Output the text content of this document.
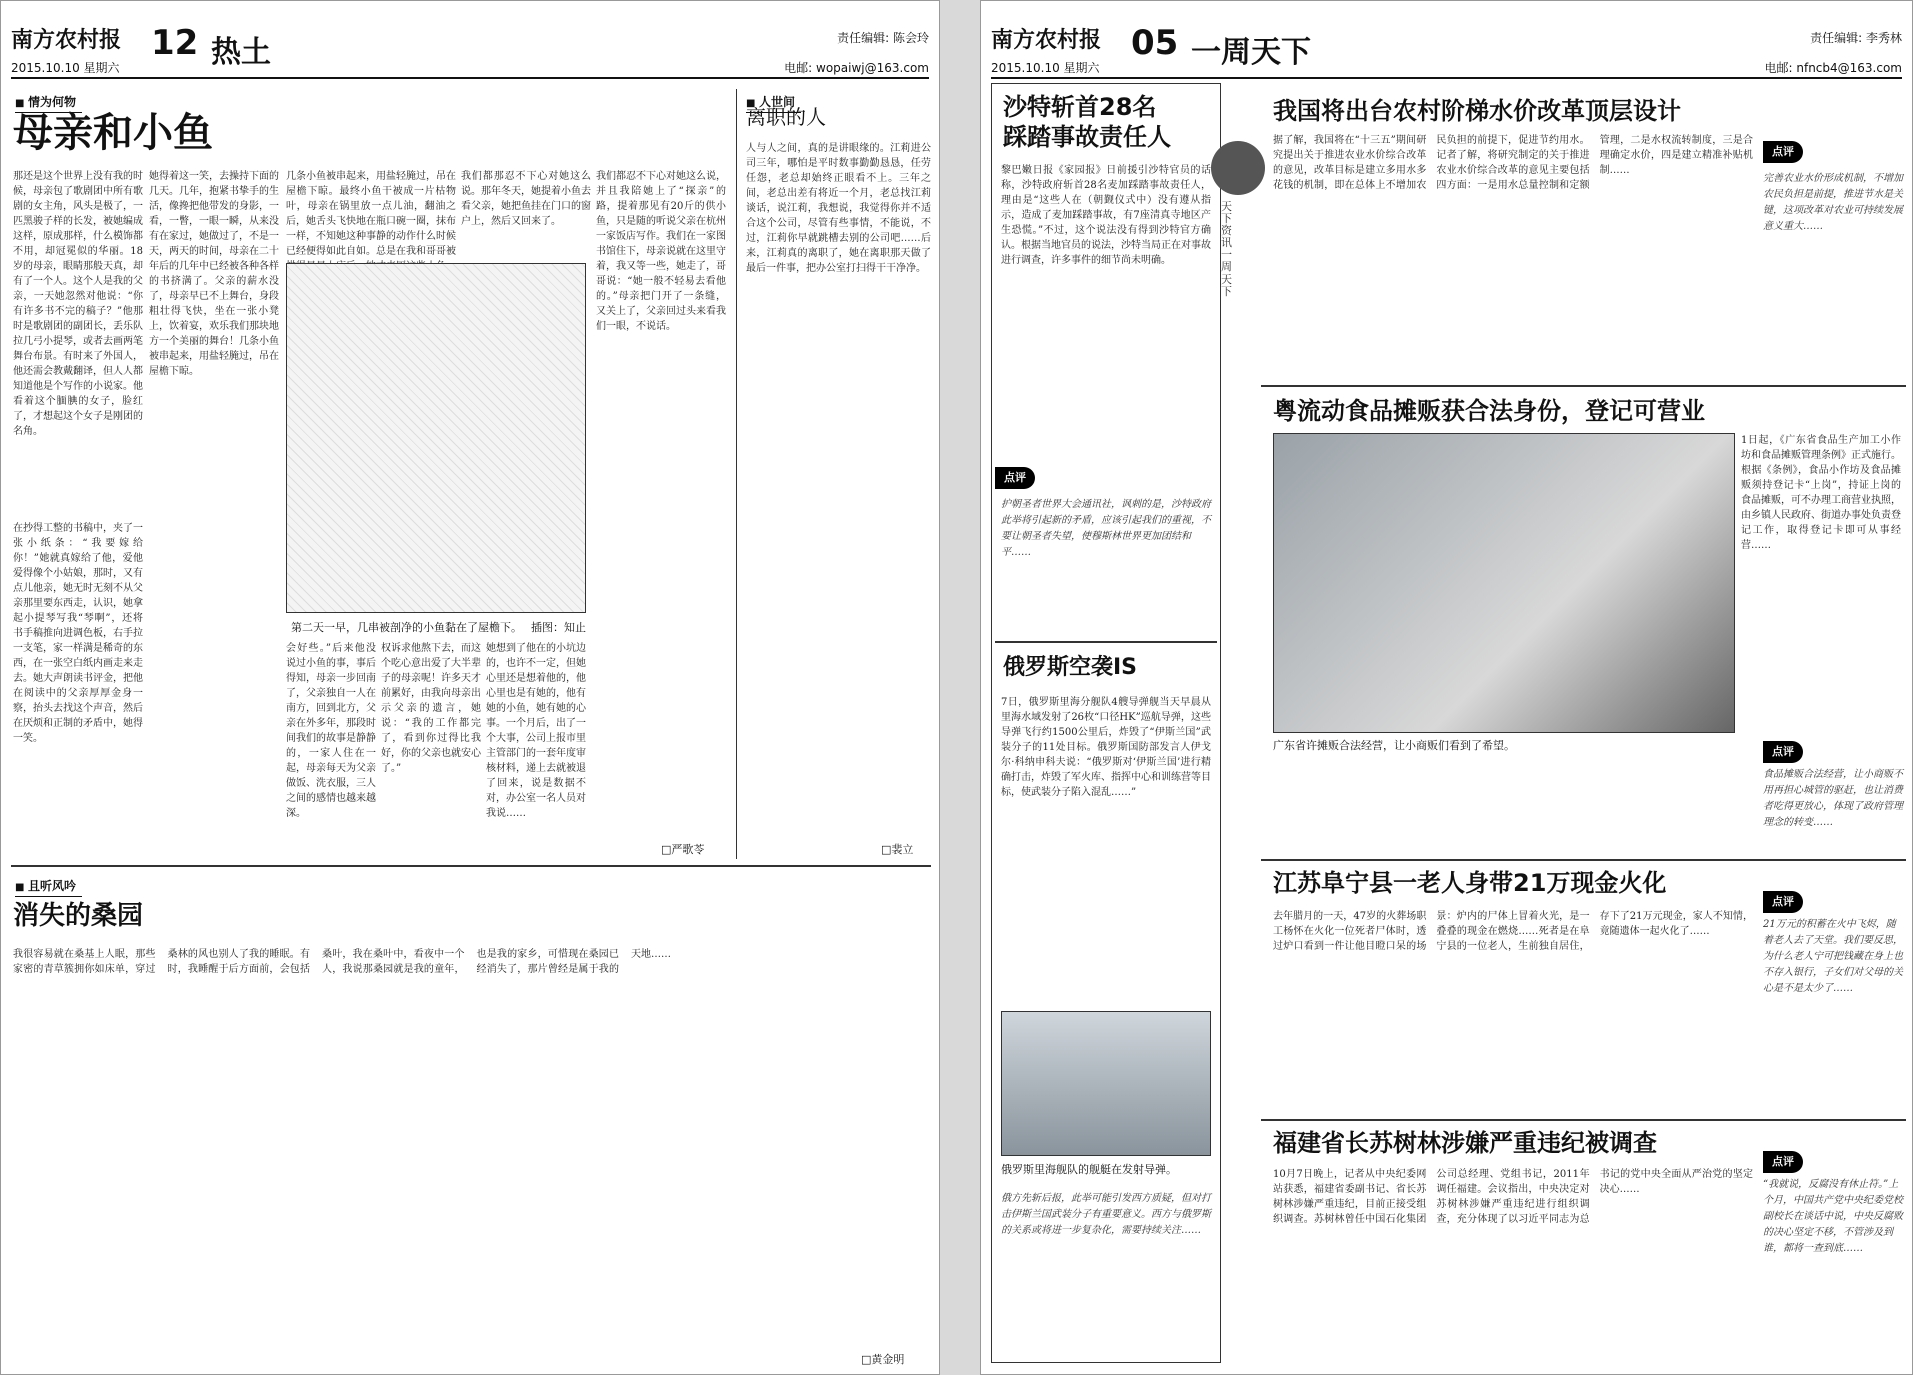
南方农村报
2015.10.10 星期六
12 热土	责任编辑: 陈会玲
电邮: wopaiwj@163.com
■ 情为何物
母亲和小鱼
那还是这个世界上没有我的时候，母亲包了歌剧团中所有歌剧的女主角，风头是极了，一匹黑骏子样的长发，被她编成这样，原成那样，什么模饰都不用，却冠冕似的华丽。18岁的母亲，眼睛那般天真，却有了一个人。这个人是我的父亲，一天她忽然对他说：“你有许多书不完的稿子？”他那时是歌剧团的副团长，丢乐队拉几弓小提琴，或者去画两笔舞台布景。有时来了外国人，他还需会教戴翻译，但人人都知道他是个写作的小说家。他看着这个腼腆的女子，脸红了，才想起这个女子是刚团的名角。
在抄得工整的书稿中，夹了一张小纸条：“我要嫁给你！”她就真嫁给了他，爱他爱得像个小姑娘，那时，又有点儿他亲，她无时无刻不从父亲那里要东西走，认识，她拿起小提琴写我“琴啊”，还将书手稿推向进调色板，右手拉一支笔，家一样满是稀奇的东西，在一张空白纸内画走来走去。她大声朗读书评金，把他在阅读中的父亲厚厚金身一察，抬头去找这个声音，然后在厌烦和正制的矛盾中，她得一笑。
她得着这一笑，去操持下面的几天。几年，抱紧书挚手的生活，像搀把他带发的身影，一看，一瞥，一眼一瞬，从来没有在家过，她做过了，不是一天，两天的时间，母亲在二十年后的几年中已经被各种各样的书挤满了。父亲的薪水没了，母亲早已不上舞台，身段粗壮得飞快，坐在一张小凳上，饮着宴，欢乐我们那块地方一个美丽的舞台！几条小鱼被串起来，用盐轻腌过，吊在屋檐下晾。
几条小鱼被串起来，用盐轻腌过，吊在屋檐下晾。最终小鱼干被成一片枯物叶，母亲在锅里放一点儿油，翻油之后，她舌头飞快地在瓶口碗一圈，抹布一样，不知她这种事静的动作什么时候已经便得如此自如。总是在我和哥哥被
第二天一早，几串被剖净的小鱼黏在了屋檐下。 插图：知止
我们都那忍不下心对她这么说。那年冬天，她提着小鱼去看父亲，她把鱼挂在门口的窗户上，然后又回来了。
会好些。”后来他没说过小鱼的事，事后得知，母亲一步回南了，父亲独自一人在南方，回到北方，父亲在外多年，那段时间我们的故事是静静的，一家人住在一起，母亲每天为父亲做饭、洗衣服，三人之间的感情也越来越深。
权诉求他熬下去，而这个吃心意出爱了大半辈子的母亲呢！许多天才前累好，由我向母亲出示父亲的遗言，她说：“我的工作都完了，看到你过得比我好，你的父亲也就安心了。”
她想到了他在的小坑边的，也许不一定，但她心里还是想着他的，他心里也是有她的，他有她的小鱼，她有她的心事。一个月后，出了一个大事，公司上报市里主管部门的一套年度审核材料，递上去就被退了回来，说是数据不对，办公室一名人员对我说……
我们都忍不下心对她这么说，并且我陪她上了“探亲”的路，提着那见有20斤的供小鱼，只是随的听说父亲在杭州一家饭店写作。我们在一家图书馆住下，母亲说就在这里守着，我又等一些，她走了，哥哥说：“她一般不轻易去看他的。”母亲把门开了一条缝，又关上了，父亲回过头来看我们一眼，不说话。
□严歌苓
■ 人世间
离职的人
人与人之间，真的是讲眼缘的。江莉进公司三年，哪怕是平时数事勤勤恳恳，任劳任怨，老总却始终正眼看不上。三年之间，老总出差有将近一个月，老总找江莉谈话，说江莉，我想说，我觉得你并不适合这个公司，尽管有些事情，不能说，不过，江莉你早就跳槽去别的公司吧……后来，江莉真的离职了，她在离职那天做了最后一件事，把办公室打扫得干干净净。
□裴立
■ 且听风吟
消失的桑园
我很容易就在桑基上人眠，那些家密的青草簇拥你如床单，穿过桑林的风也别人了我的睡眠。有时，我睡醒于后方面前，会包括桑叶，我在桑叶中，看夜中一个人，我说那桑园就是我的童年，也是我的家乡，可惜现在桑园已经消失了，那片曾经是属于我的天地……
□黄金明
南方农村报
2015.10.10 星期六
05 一周天下	责任编辑: 李秀林
电邮: nfncb4@163.com
天下资讯 一周天下
沙特斩首28名
踩踏事故责任人
黎巴嫩日报《家园报》日前援引沙特官员的话称，沙特政府斩首28名麦加踩踏事故责任人，理由是“这些人在（朝觐仪式中）没有遵从指示，造成了麦加踩踏事故，有7座清真寺地区产生恐慌。”不过，这个说法没有得到沙特官方确认。根据当地官员的说法，沙特当局正在对事故进行调查，许多事件的细节尚未明确。
点评
护朝圣者世界大会通讯社，讽刺的是，沙特政府此举将引起新的矛盾，应该引起我们的重视，不要让朝圣者失望，使穆斯林世界更加团结和平……
俄罗斯空袭IS
7日，俄罗斯里海分舰队4艘导弹舰当天早晨从里海水域发射了26枚“口径HK”巡航导弹，这些导弹飞行约1500公里后，炸毁了“伊斯兰国”武装分子的11处目标。俄罗斯国防部发言人伊戈尔·科纳申科夫说：“俄罗斯对‘伊斯兰国’进行精确打击，炸毁了军火库、指挥中心和训练营等目标，使武装分子陷入混乱……”
俄罗斯里海舰队的舰艇在发射导弹。
俄方先斩后报，此举可能引发西方质疑，但对打击伊斯兰国武装分子有重要意义。西方与俄罗斯的关系或将进一步复杂化，需要持续关注……
我国将出台农村阶梯水价改革顶层设计
据了解，我国将在“十三五”期间研究提出关于推进农业水价综合改革的意见，改革目标是建立多用水多花钱的机制，即在总体上不增加农民负担的前提下，促进节约用水。记者了解，将研究制定的关于推进农业水价综合改革的意见主要包括四方面：一是用水总量控制和定额管理，二是水权流转制度，三是合理确定水价，四是建立精准补贴机制……
点评
完善农业水价形成机制，不增加农民负担是前提，推进节水是关键，这项改革对农业可持续发展意义重大……
粤流动食品摊贩获合法身份，登记可营业
广东省许摊贩合法经营，让小商贩们看到了希望。
1日起，《广东省食品生产加工小作坊和食品摊贩管理条例》正式施行。根据《条例》，食品小作坊及食品摊贩须持登记卡“上岗”，持证上岗的食品摊贩，可不办理工商营业执照，由乡镇人民政府、街道办事处负责登记工作，取得登记卡即可从事经营……
点评
食品摊贩合法经营，让小商贩不用再担心城管的驱赶，也让消费者吃得更放心，体现了政府管理理念的转变……
江苏阜宁县一老人身带21万现金火化
去年腊月的一天，47岁的火葬场职工杨怀在火化一位死者尸体时，透过炉口看到一件让他目瞪口呆的场景：炉内的尸体上冒着火光，是一叠叠的现金在燃烧……死者是在阜宁县的一位老人，生前独自居住，存下了21万元现金，家人不知情，竟随遗体一起火化了……
点评
21万元的积蓄在火中飞烬，随着老人去了天堂。我们要反思，为什么老人宁可把钱藏在身上也不存入银行，子女们对父母的关心是不是太少了……
福建省长苏树林涉嫌严重违纪被调查
10月7日晚上，记者从中央纪委网站获悉，福建省委副书记、省长苏树林涉嫌严重违纪，目前正接受组织调查。苏树林曾任中国石化集团公司总经理、党组书记，2011年调任福建。会议指出，中央决定对苏树林涉嫌严重违纪进行组织调查，充分体现了以习近平同志为总书记的党中央全面从严治党的坚定决心……
点评
“我就说，反腐没有休止符。”上个月，中国共产党中央纪委党校副校长在谈话中说，中央反腐败的决心坚定不移，不管涉及到谁，都将一查到底……
